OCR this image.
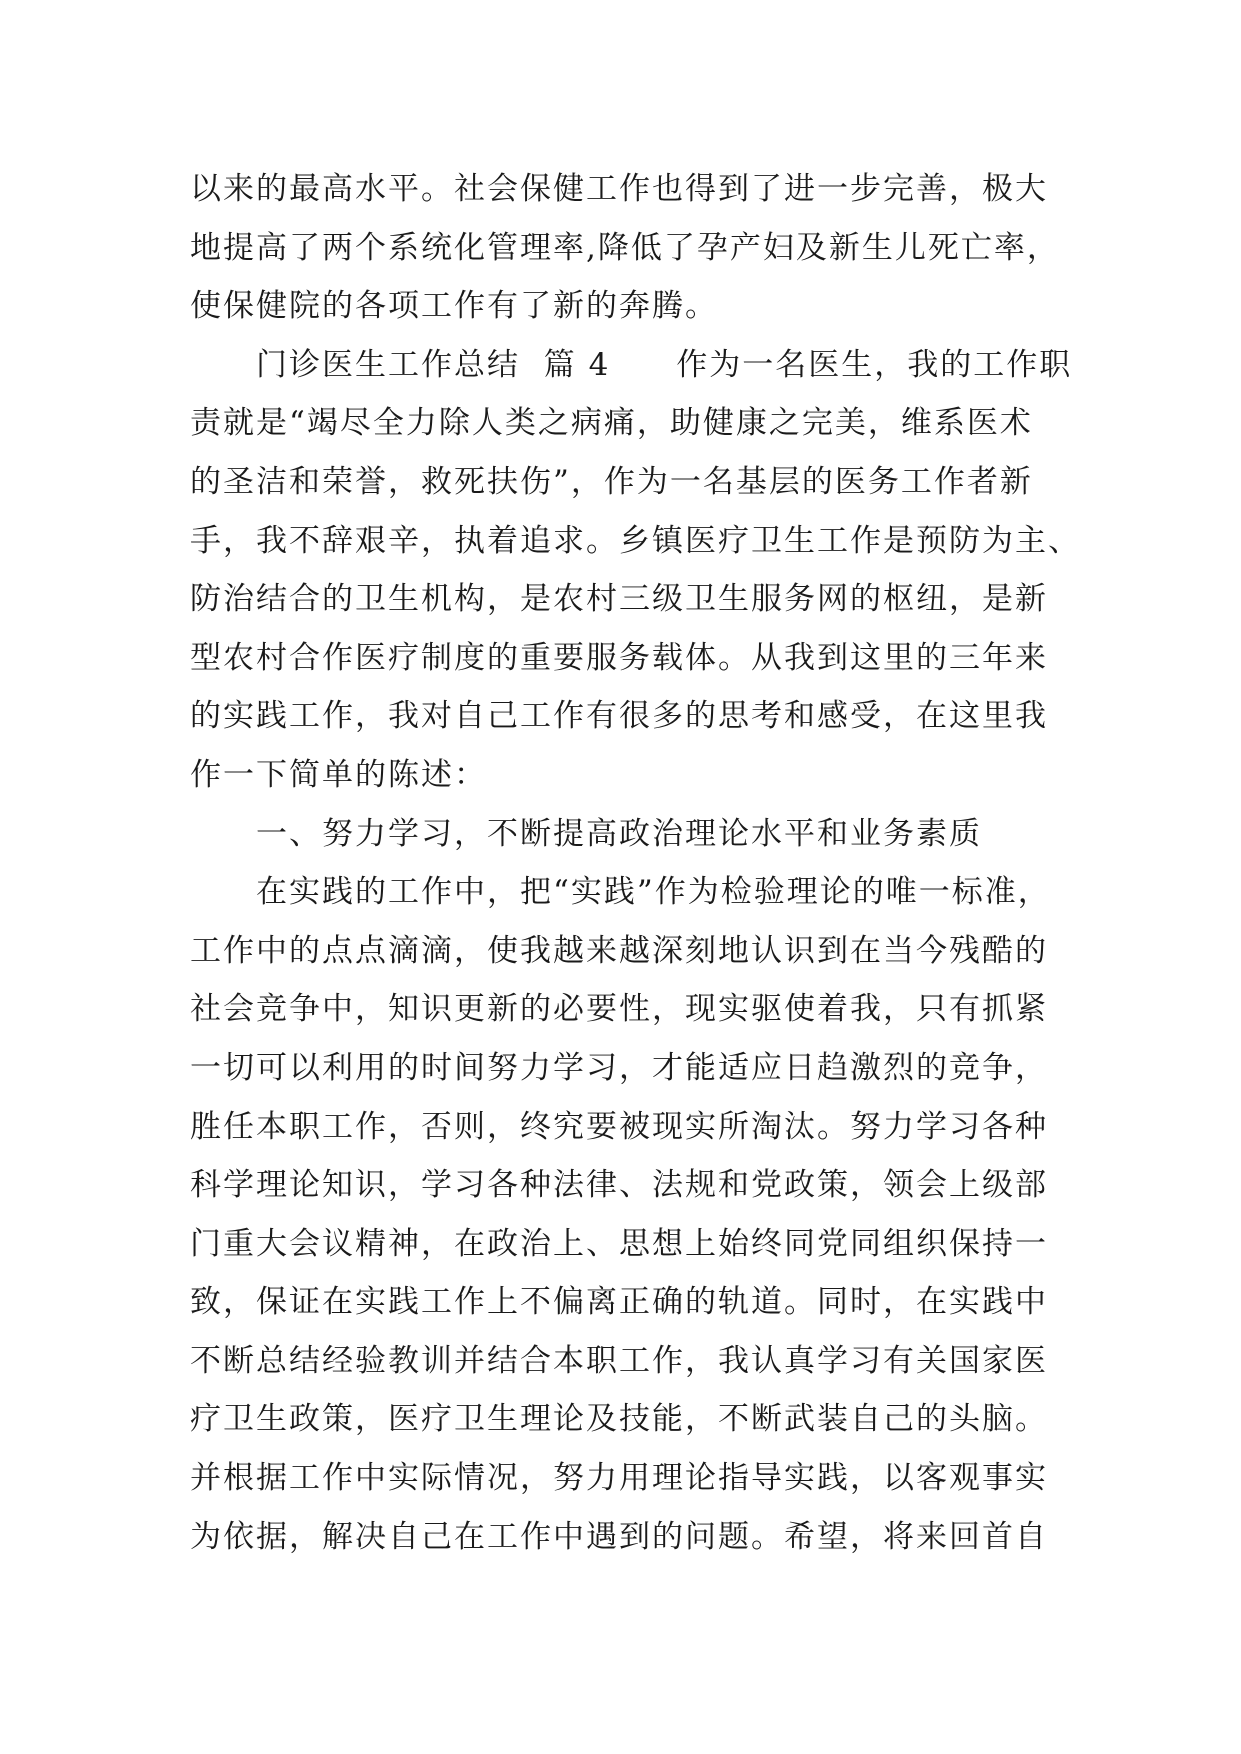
以来的最高水平。社会保健工作也得到了进一步完善，极大
地提高了两个系统化管理率,降低了孕产妇及新生儿死亡率，
使保健院的各项工作有了新的奔腾。
门诊医生工作总结 篇 4 作为一名医生，我的工作职
责就是“竭尽全力除人类之病痛，助健康之完美，维系医术
的圣洁和荣誉，救死扶伤”，作为一名基层的医务工作者新
手，我不辞艰辛，执着追求。乡镇医疗卫生工作是预防为主、
防治结合的卫生机构，是农村三级卫生服务网的枢纽，是新
型农村合作医疗制度的重要服务载体。从我到这里的三年来
的实践工作，我对自己工作有很多的思考和感受，在这里我
作一下简单的陈述：
一、努力学习，不断提高政治理论水平和业务素质
在实践的工作中，把“实践”作为检验理论的唯一标准，
工作中的点点滴滴，使我越来越深刻地认识到在当今残酷的
社会竞争中，知识更新的必要性，现实驱使着我，只有抓紧
一切可以利用的时间努力学习，才能适应日趋激烈的竞争，
胜任本职工作，否则，终究要被现实所淘汰。努力学习各种
科学理论知识，学习各种法律、法规和党政策，领会上级部
门重大会议精神，在政治上、思想上始终同党同组织保持一
致，保证在实践工作上不偏离正确的轨道。同时，在实践中
不断总结经验教训并结合本职工作，我认真学习有关国家医
疗卫生政策，医疗卫生理论及技能，不断武装自己的头脑。
并根据工作中实际情况，努力用理论指导实践，以客观事实
为依据，解决自己在工作中遇到的问题。希望，将来回首自
